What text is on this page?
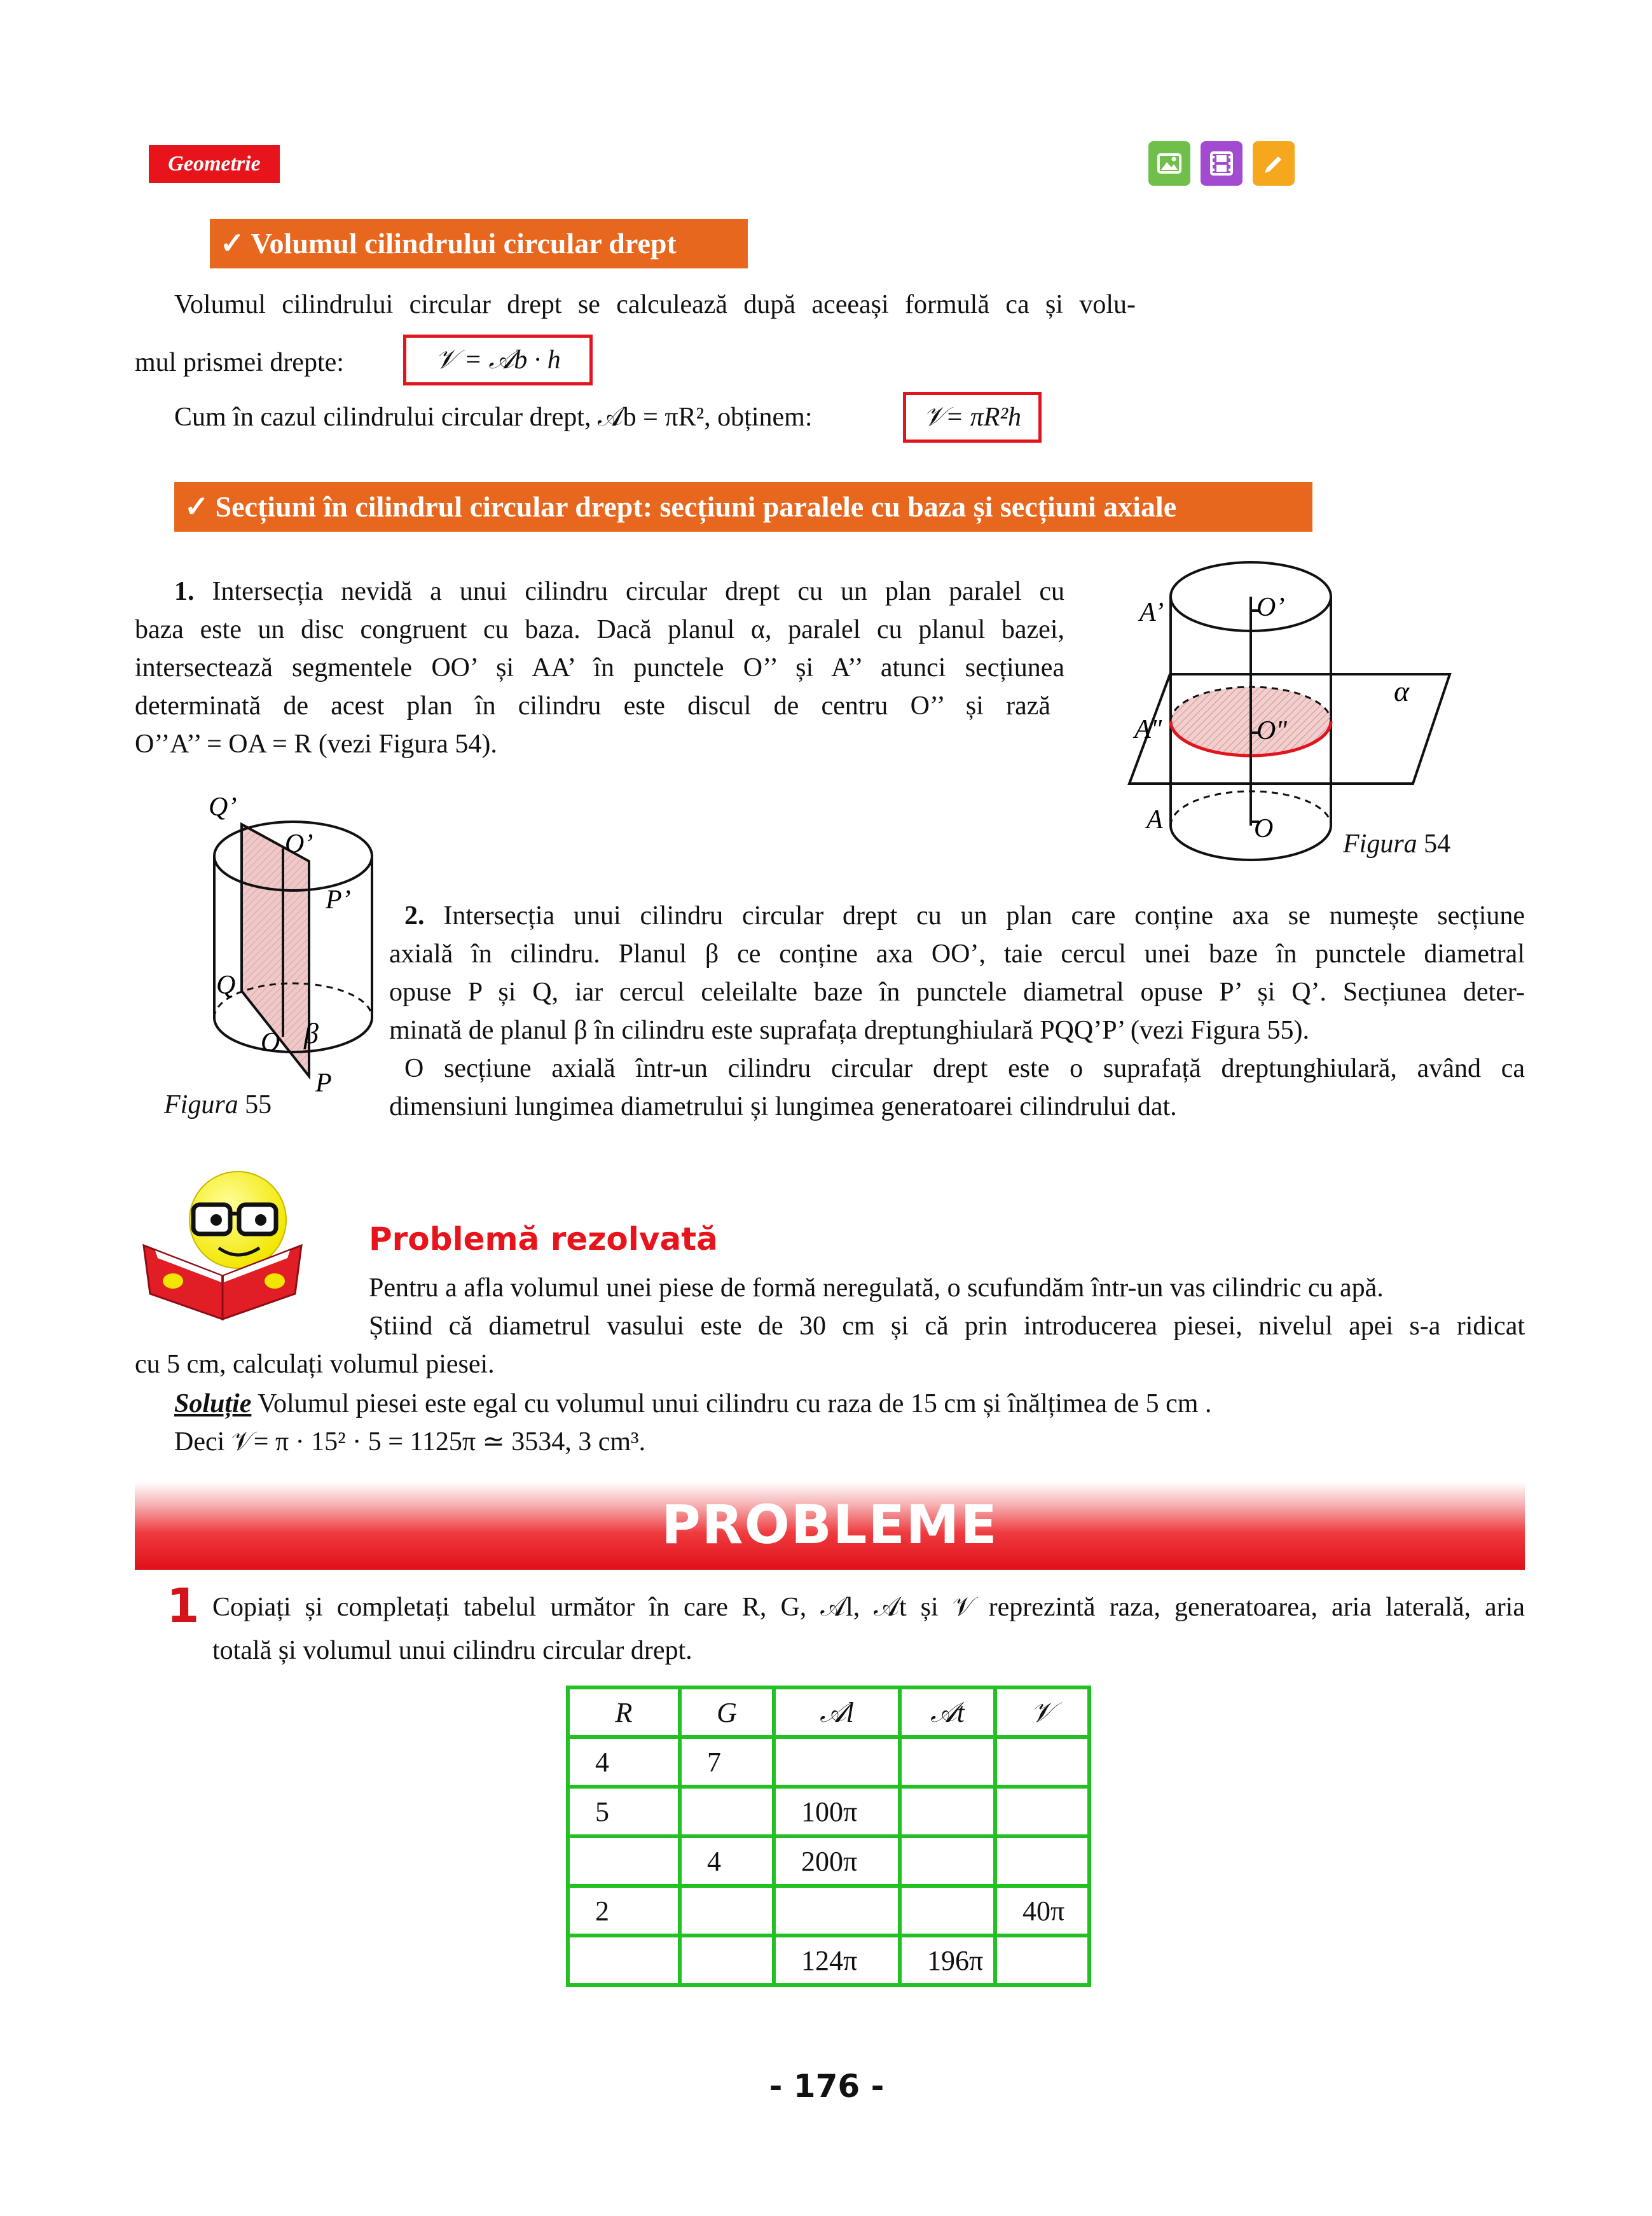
Geometrie
✓ Volumul cilindrului circular drept
Volumul cilindrului circular drept se calculează după aceeași formulă ca și volu-
mul prismei drepte:	𝒱 = 𝒜b · h
Cum în cazul cilindrului circular drept, 𝒜b = πR², obținem:	𝒱= πR²h
✓ Secțiuni în cilindrul circular drept: secțiuni paralele cu baza și secțiuni axiale
1. Intersecția nevidă a unui cilindru circular drept cu un plan paralel cu
baza este un disc congruent cu baza. Dacă planul α, paralel cu planul bazei,
intersectează segmentele OO’ și AA’ în punctele O’’ și A’’ atunci secțiunea
determinată de acest plan în cilindru este discul de centru O’’ și rază
O’’A’’ = OA = R (vezi Figura 54).
A’	O’
A"	O"
A	O
α
Figura 54
Q’
O’
P’
Q
O β
P
Figura 55
2. Intersecția unui cilindru circular drept cu un plan care conține axa se numește secțiune
axială în cilindru. Planul β ce conține axa OO’, taie cercul unei baze în punctele diametral
opuse P și Q, iar cercul celeilalte baze în punctele diametral opuse P’ și Q’. Secțiunea deter-
minată de planul β în cilindru este suprafața dreptunghiulară PQQ’P’ (vezi Figura 55).
O secțiune axială într-un cilindru circular drept este o suprafață dreptunghiulară, având ca
dimensiuni lungimea diametrului și lungimea generatoarei cilindrului dat.
Problemă rezolvată
Pentru a afla volumul unei piese de formă neregulată, o scufundăm într-un vas cilindric cu apă.
Știind că diametrul vasului este de 30 cm și că prin introducerea piesei, nivelul apei s-a ridicat
cu 5 cm, calculați volumul piesei.
Soluție Volumul piesei este egal cu volumul unui cilindru cu raza de 15 cm și înălțimea de 5 cm .
Deci 𝒱= π · 15² · 5 = 1125π ≃ 3534, 3 cm³.
PROBLEME
1 Copiați și completați tabelul următor în care R, G, 𝒜l, 𝒜t și 𝒱 reprezintă raza, generatoarea, aria laterală, aria
totală și volumul unui cilindru circular drept.
R	G	𝒜l	𝒜t	𝒱
4	7			
5		100π		
	4	200π		
2				40π
		124π	196π	
- 176 -
